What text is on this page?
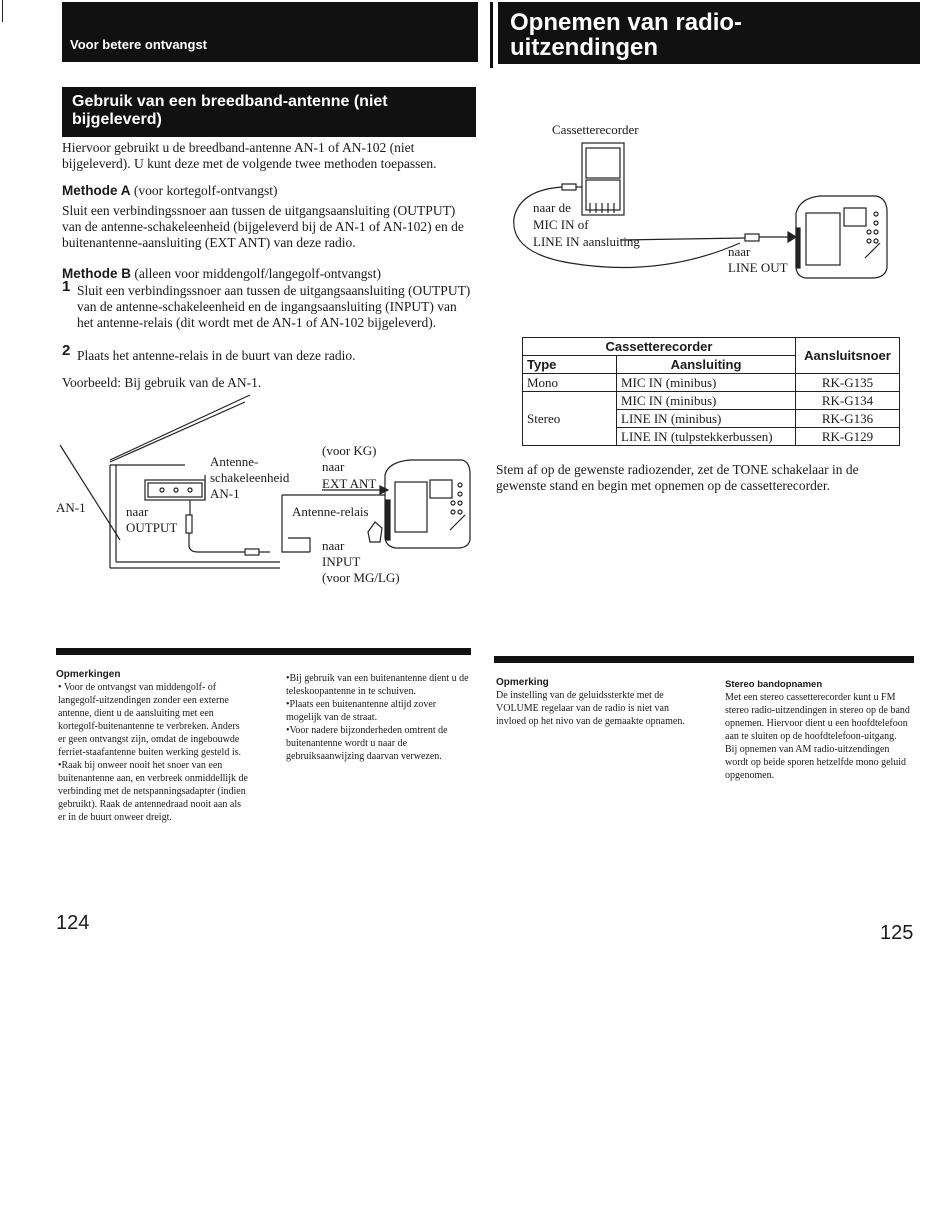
Voor betere ontvangst
Gebruik van een breedband-antenne (niet bijgeleverd)
Hiervoor gebruikt u de breedband-antenne AN-1 of AN-102 (niet bijgeleverd). U kunt deze met de volgende twee methoden toepassen.
Methode A (voor kortegolf-ontvangst)
Sluit een verbindingssnoer aan tussen de uitgangsaansluiting (OUTPUT) van de antenne-schakeleenheid (bijgeleverd bij de AN-1 of AN-102) en de buitenantenne-aansluiting (EXT ANT) van deze radio.
Methode B (alleen voor middengolf/langegolf-ontvangst)
1 Sluit een verbindingssnoer aan tussen de uitgangsaansluiting (OUTPUT) van de antenne-schakeleenheid en de ingangsaansluiting (INPUT) van het antenne-relais (dit wordt met de AN-1 of AN-102 bijgeleverd).
2 Plaats het antenne-relais in de buurt van deze radio.
Voorbeeld: Bij gebruik van de AN-1.
AN-1
Antenne-
schakeleenheid
AN-1
naar
OUTPUT
(voor KG)
naar
EXT ANT
Antenne-relais
naar
INPUT
(voor MG/LG)
Opmerkingen
• Voor de ontvangst van middengolf- of langegolf-uitzendingen zonder een externe antenne, dient u de aansluiting met een kortegolf-buitenantenne te verbreken. Anders er geen ontvangst zijn, omdat de ingebouwde ferriet-staafantenne buiten werking gesteld is.
•Raak bij onweer nooit het snoer van een buitenantenne aan, en verbreek onmiddellijk de verbinding met de netspanningsadapter (indien gebruikt). Raak de antennedraad nooit aan als er in de buurt onweer dreigt.
•Bij gebruik van een buitenantenne dient u de teleskoopantenne in te schuiven.
•Plaats een buitenantenne altijd zover mogelijk van de straat.
•Voor nadere bijzonderheden omtrent de buitenantenne wordt u naar de gebruiksaanwijzing daarvan verwezen.
124
Opnemen van radio-
uitzendingen
Cassetterecorder
naar de
MIC IN of
LINE IN aansluiting
naar
LINE OUT
Cassetterecorder		Aansluitsnoer
Type	Aansluiting	
Mono	MIC IN (minibus)	RK-G135
Stereo	MIC IN (minibus)	RK-G134
	LINE IN (minibus)	RK-G136
	LINE IN (tulpstekkerbussen)	RK-G129
Stem af op de gewenste radiozender, zet de TONE schakelaar in de gewenste stand en begin met opnemen op de cassetterecorder.
Opmerking
De instelling van de geluidssterkte met de VOLUME regelaar van de radio is niet van invloed op het nivo van de gemaakte opnamen.
Stereo bandopnamen
Met een stereo cassetterecorder kunt u FM stereo radio-uitzendingen in stereo op de band opnemen. Hiervoor dient u een hoofdtelefoon aan te sluiten op de hoofdtelefoon-uitgang.
Bij opnemen van AM radio-uitzendingen wordt op beide sporen hetzelfde mono geluid opgenomen.
125
